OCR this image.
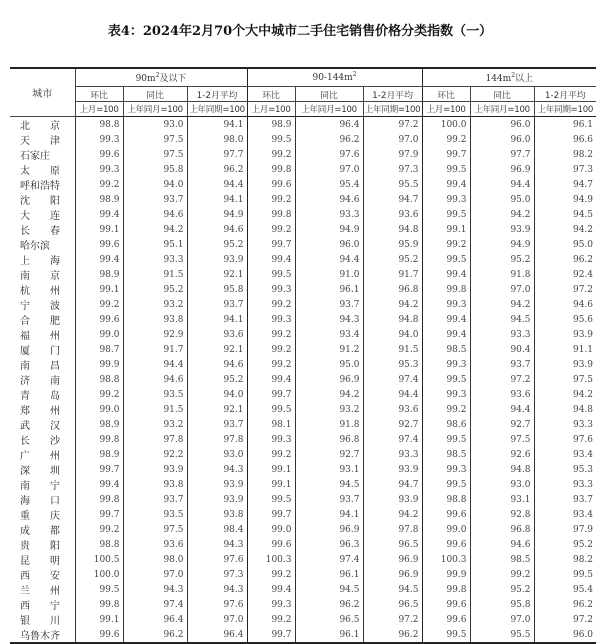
表4：2024年2月70个大中城市二手住宅销售价格分类指数（一）
城市	$90m^2$及以下			$90-144m^2$			$144m^2$以上		
	环比	同比	1-2月平均	环比	同比	1-2月平均	环比	同比	1-2月平均
	上月=100	上年同月=100	上年同期=100	上月=100	上年同月=100	上年同期=100	上月=100	上年同月=100	上年同期=100
北　　京	98.8	93.0	94.1	98.9	96.4	97.2	100.0	96.0	96.1
天　　津	99.3	97.5	98.0	99.5	96.2	97.0	99.2	96.0	96.6
石家庄	99.6	97.5	97.7	99.2	97.6	97.9	99.7	97.7	98.2
太　　原	99.3	95.8	96.2	99.8	97.0	97.3	99.5	96.9	97.3
呼和浩特	99.2	94.0	94.4	99.6	95.4	95.5	99.4	94.4	94.7
沈　　阳	98.9	93.7	94.1	99.2	94.6	94.7	99.3	95.0	94.9
大　　连	99.4	94.6	94.9	99.8	93.3	93.6	99.5	94.2	94.5
长　　春	99.1	94.2	94.6	99.2	94.9	94.8	99.1	93.9	94.2
哈尔滨	99.6	95.1	95.2	99.7	96.0	95.9	99.2	94.9	95.0
上　　海	99.4	93.3	93.9	99.4	94.4	95.2	99.5	95.2	96.2
南　　京	98.9	91.5	92.1	99.5	91.0	91.7	99.4	91.8	92.4
杭　　州	99.1	95.2	95.8	99.3	96.1	96.8	99.8	97.0	97.2
宁　　波	99.2	93.2	93.7	99.2	93.7	94.2	99.3	94.2	94.6
合　　肥	99.6	93.8	94.1	99.3	94.3	94.8	99.4	94.5	95.6
福　　州	99.0	92.9	93.6	99.2	93.4	94.0	99.4	93.3	93.9
厦　　门	98.7	91.7	92.1	99.2	91.2	91.5	98.5	90.4	91.1
南　　昌	99.9	94.4	94.6	99.2	95.0	95.3	99.3	93.7	93.9
济　　南	98.8	94.6	95.2	99.4	96.9	97.4	99.5	97.2	97.5
青　　岛	99.2	93.5	94.0	99.7	94.2	94.4	99.3	93.6	94.2
郑　　州	99.0	91.5	92.1	99.5	93.2	93.6	99.2	94.4	94.8
武　　汉	98.9	93.2	93.7	98.1	91.8	92.7	98.6	92.7	93.3
长　　沙	99.8	97.8	97.8	99.3	96.8	97.4	99.5	97.5	97.6
广　　州	98.9	92.2	93.0	99.2	92.7	93.3	98.5	92.6	93.4
深　　圳	99.7	93.9	94.3	99.1	93.1	93.9	99.3	94.8	95.3
南　　宁	99.4	93.8	93.9	99.1	94.5	94.7	99.5	93.0	93.3
海　　口	99.8	93.7	93.9	99.5	93.7	93.9	98.8	93.1	93.7
重　　庆	99.7	93.5	93.8	99.7	94.1	94.2	99.6	92.8	93.4
成　　都	99.2	97.5	98.4	99.0	96.9	97.8	99.0	96.8	97.9
贵　　阳	98.8	93.6	94.3	99.6	96.3	96.5	99.6	94.6	95.2
昆　　明	100.5	98.0	97.6	100.3	97.4	96.9	100.3	98.5	98.2
西　　安	100.0	97.0	97.3	99.2	96.1	96.9	99.9	99.2	99.5
兰　　州	99.5	94.3	94.3	99.4	94.5	94.5	99.8	95.2	95.4
西　　宁	99.8	97.4	97.6	99.3	96.2	96.5	99.6	95.8	96.2
银　　川	99.1	96.4	97.0	99.2	96.5	97.2	99.6	97.0	97.2
乌鲁木齐	99.6	96.2	96.4	99.7	96.1	96.2	99.5	95.5	96.0
